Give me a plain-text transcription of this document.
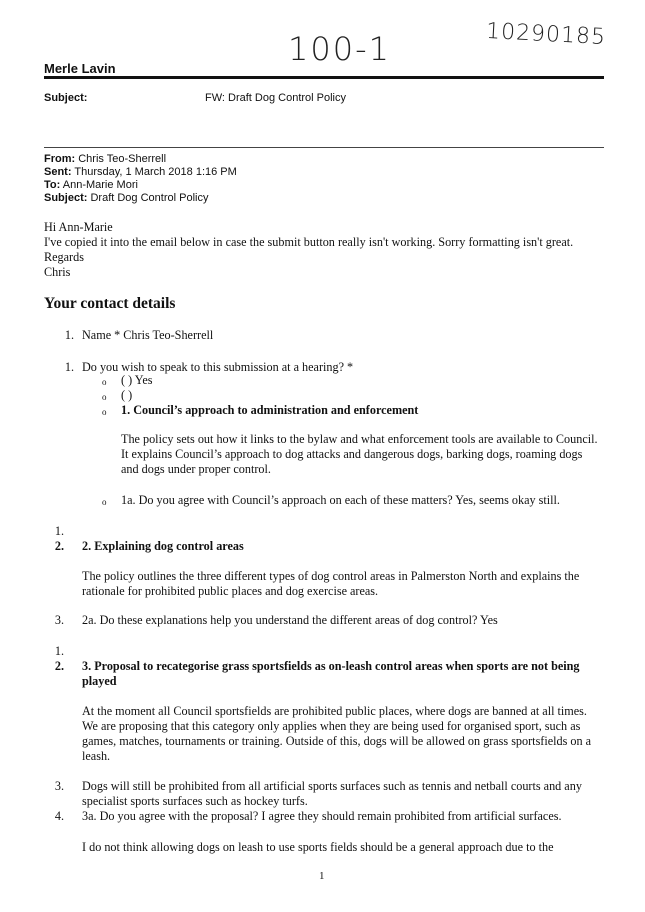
100-1	10290185
Merle Lavin
Subject:	FW: Draft Dog Control Policy
From: Chris Teo-Sherrell
Sent: Thursday, 1 March 2018 1:16 PM
To: Ann-Marie Mori
Subject: Draft Dog Control Policy
Hi Ann-Marie
I've copied it into the email below in case the submit button really isn't working. Sorry formatting isn't great.
Regards
Chris
Your contact details
1. Name * Chris Teo-Sherrell
1. Do you wish to speak to this submission at a hearing? *
o ( ) Yes
o ( )
o 1. Council’s approach to administration and enforcement
The policy sets out how it links to the bylaw and what enforcement tools are available to Council. It explains Council’s approach to dog attacks and dangerous dogs, barking dogs, roaming dogs and dogs under proper control.
o 1a. Do you agree with Council’s approach on each of these matters? Yes, seems okay still.
1.
2. 2. Explaining dog control areas
The policy outlines the three different types of dog control areas in Palmerston North and explains the rationale for prohibited public places and dog exercise areas.
3. 2a. Do these explanations help you understand the different areas of dog control? Yes
1.
2. 3. Proposal to recategorise grass sportsfields as on-leash control areas when sports are not being played
At the moment all Council sportsfields are prohibited public places, where dogs are banned at all times. We are proposing that this category only applies when they are being used for organised sport, such as games, matches, tournaments or training. Outside of this, dogs will be allowed on grass sportsfields on a leash.
3. Dogs will still be prohibited from all artificial sports surfaces such as tennis and netball courts and any specialist sports surfaces such as hockey turfs.
4. 3a. Do you agree with the proposal? I agree they should remain prohibited from artificial surfaces.
I do not think allowing dogs on leash to use sports fields should be a general approach due to the
1
